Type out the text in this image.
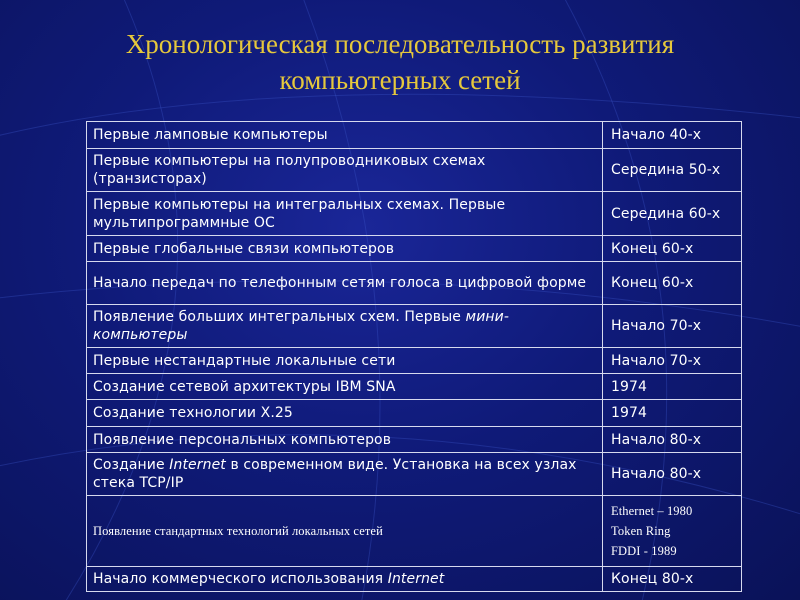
Хронологическая последовательность развития
компьютерных сетей
Первые ламповые компьютеры	Начало 40-х
Первые компьютеры на полупроводниковых схемах (транзисторах)	Середина 50-х
Первые компьютеры на интегральных схемах. Первые мультипрограммные ОС	Середина 60-х
Первые глобальные связи компьютеров	Конец 60-х
Начало передач по телефонным сетям голоса в цифровой форме	Конец 60-х
Появление больших интегральных схем. Первые мини-компьютеры	Начало 70-х
Первые нестандартные локальные сети	Начало 70-х
Создание сетевой архитектуры IBM SNA	1974
Создание технологии X.25	1974
Появление персональных компьютеров	Начало 80-х
Создание Internet в современном виде. Установка на всех узлах стека TCP/IP	Начало 80-х
Появление стандартных технологий локальных сетей	Ethernet – 1980
Token Ring
FDDI - 1989

Начало коммерческого использования Internet	Конец 80-х
